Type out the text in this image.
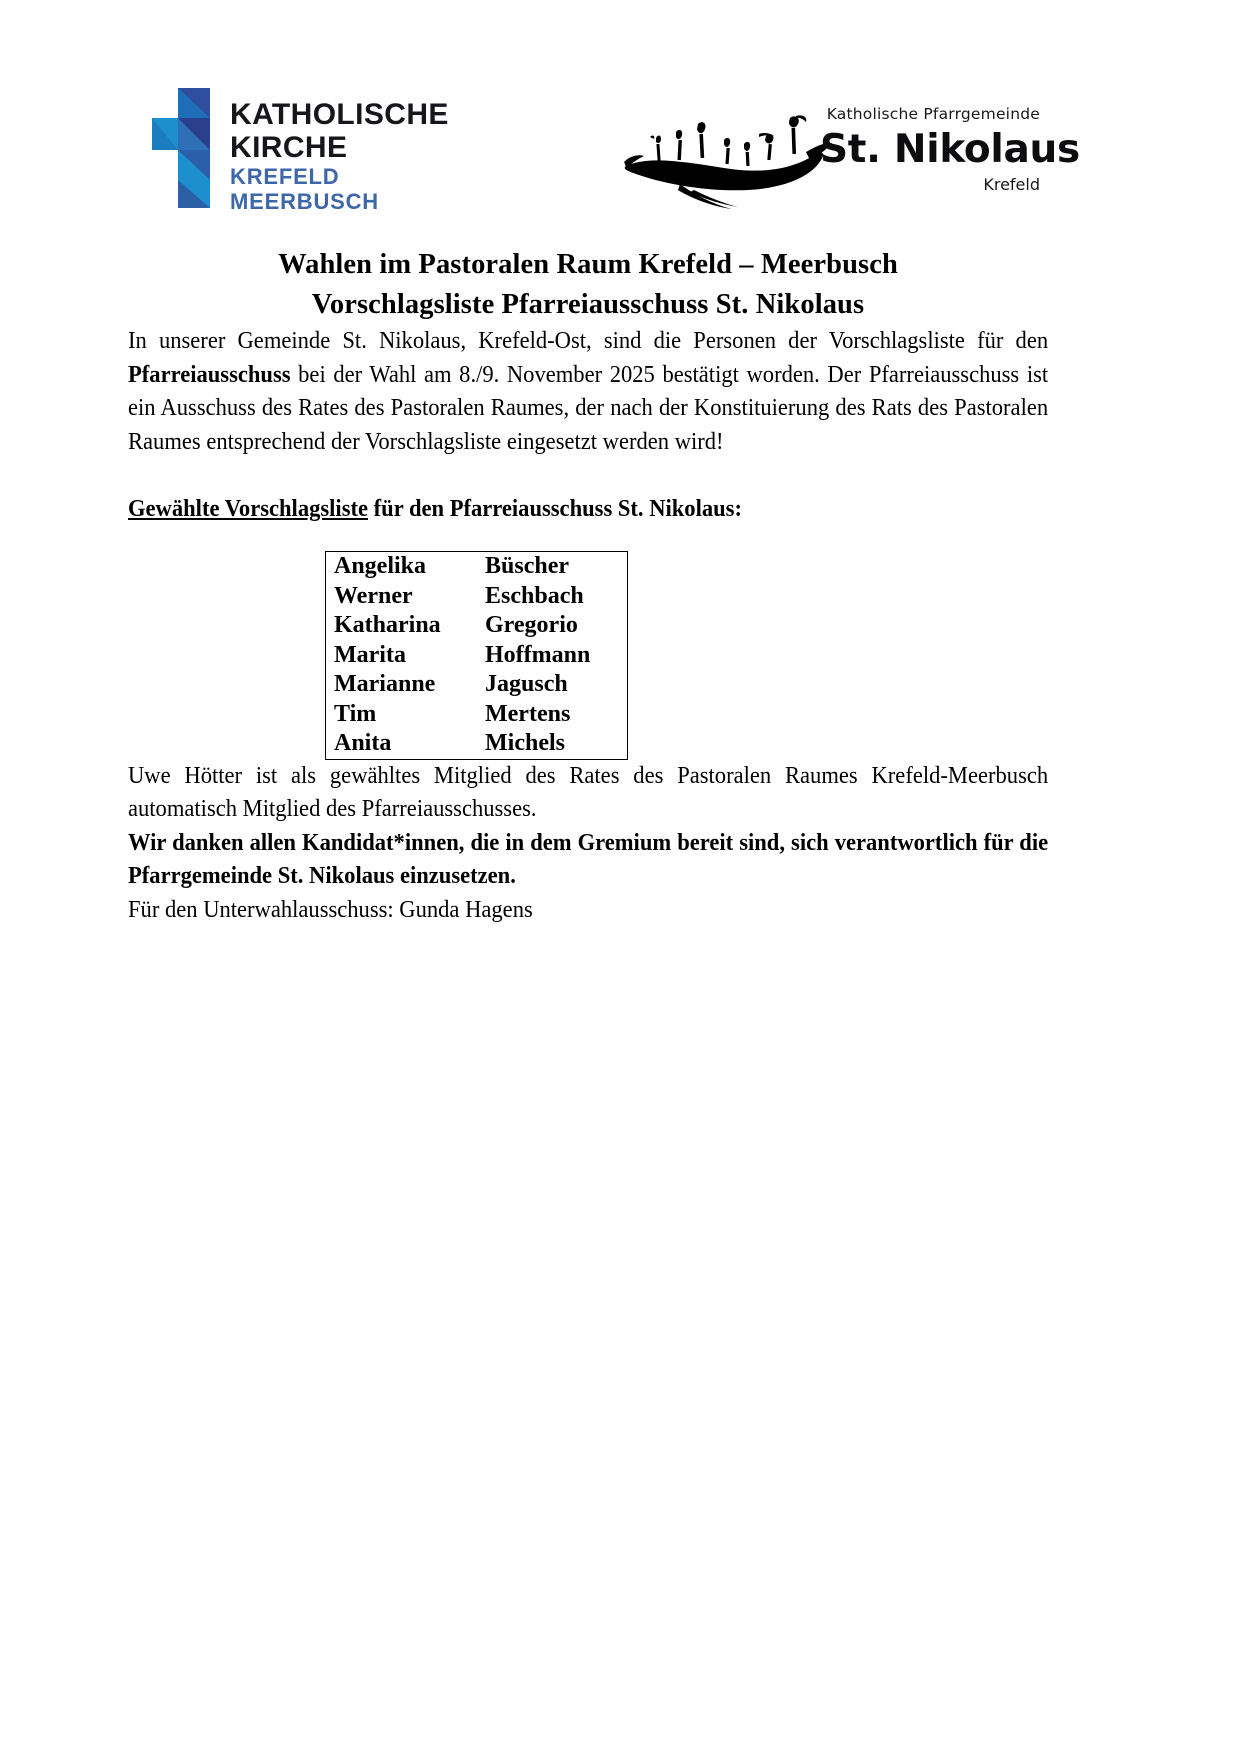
KATHOLISCHE
KIRCHE
KREFELD
MEERBUSCH
Katholische Pfarrgemeinde
St. Nikolaus
Krefeld
Wahlen im Pastoralen Raum Krefeld – Meerbusch
Vorschlagsliste Pfarreiausschuss St. Nikolaus

In unserer Gemeinde St. Nikolaus, Krefeld-Ost, sind die Personen der Vorschlagsliste für den Pfarreiausschuss bei der Wahl am 8./9. November 2025 bestätigt worden. Der Pfarreiausschuss ist ein Ausschuss des Rates des Pastoralen Raumes, der nach der Konstituierung des Rats des Pastoralen Raumes entsprechend der Vorschlagsliste eingesetzt werden wird!

Gewählte Vorschlagsliste für den Pfarreiausschuss St. Nikolaus:
Angelika	Büscher
Werner	Eschbach
Katharina	Gregorio
Marita	Hoffmann
Marianne	Jagusch
Tim	Mertens
Anita	Michels

Uwe Hötter ist als gewähltes Mitglied des Rates des Pastoralen Raumes Krefeld-Meerbusch automatisch Mitglied des Pfarreiausschusses.

Wir danken allen Kandidat*innen, die in dem Gremium bereit sind, sich verantwortlich für die Pfarrgemeinde St. Nikolaus einzusetzen.

Für den Unterwahlausschuss: Gunda Hagens
